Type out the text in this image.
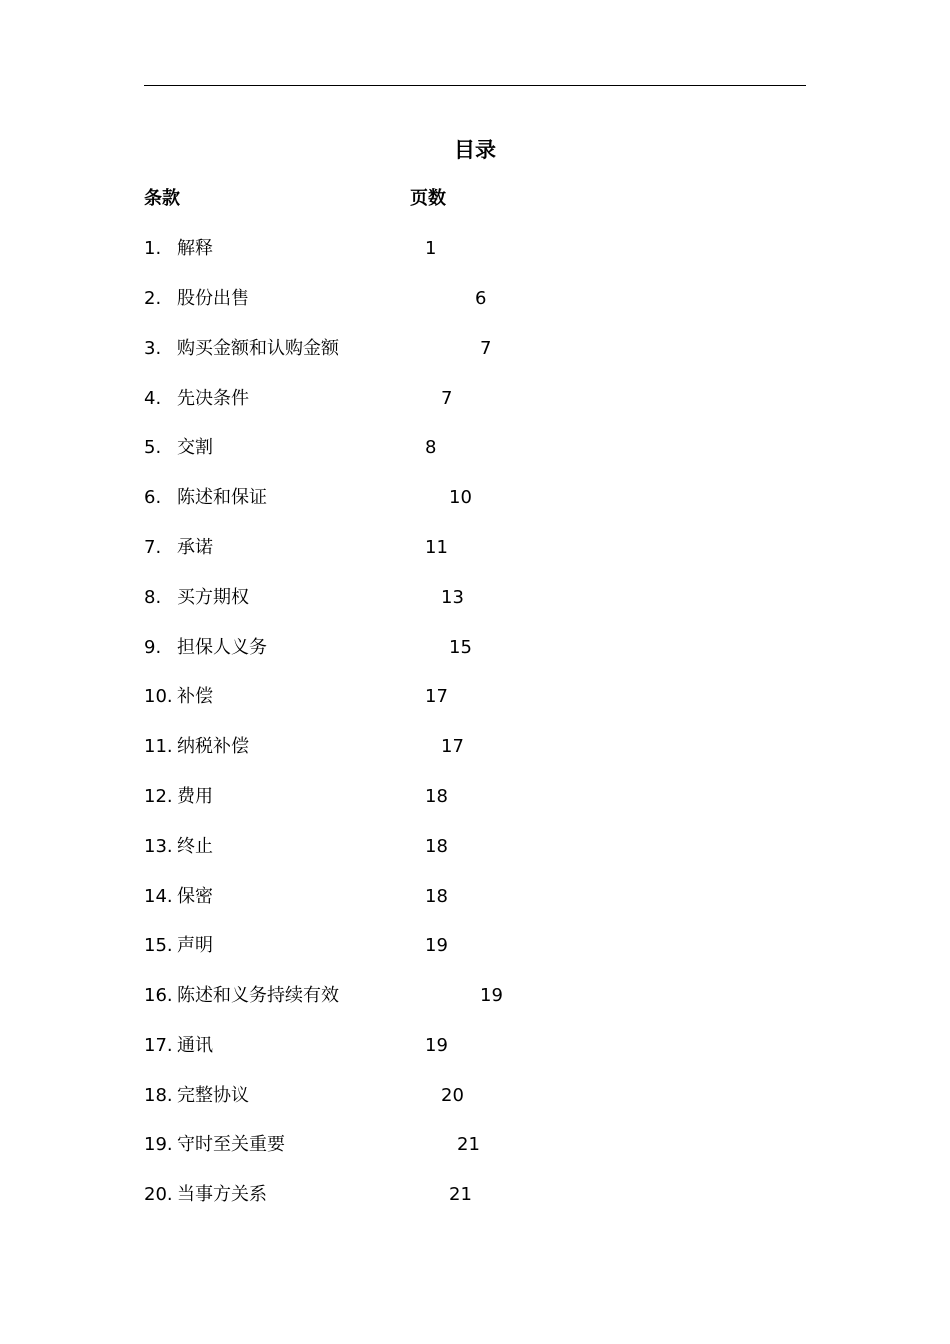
目录
条款	页数
1. 解释	1
2. 股份出售	6
3. 购买金额和认购金额	7
4. 先决条件	7
5. 交割	8
6. 陈述和保证	10
7. 承诺	11
8. 买方期权	13
9. 担保人义务	15
10. 补偿	17
11. 纳税补偿	17
12. 费用	18
13. 终止	18
14. 保密	18
15. 声明	19
16. 陈述和义务持续有效	19
17. 通讯	19
18. 完整协议	20
19. 守时至关重要	21
20. 当事方关系	21
